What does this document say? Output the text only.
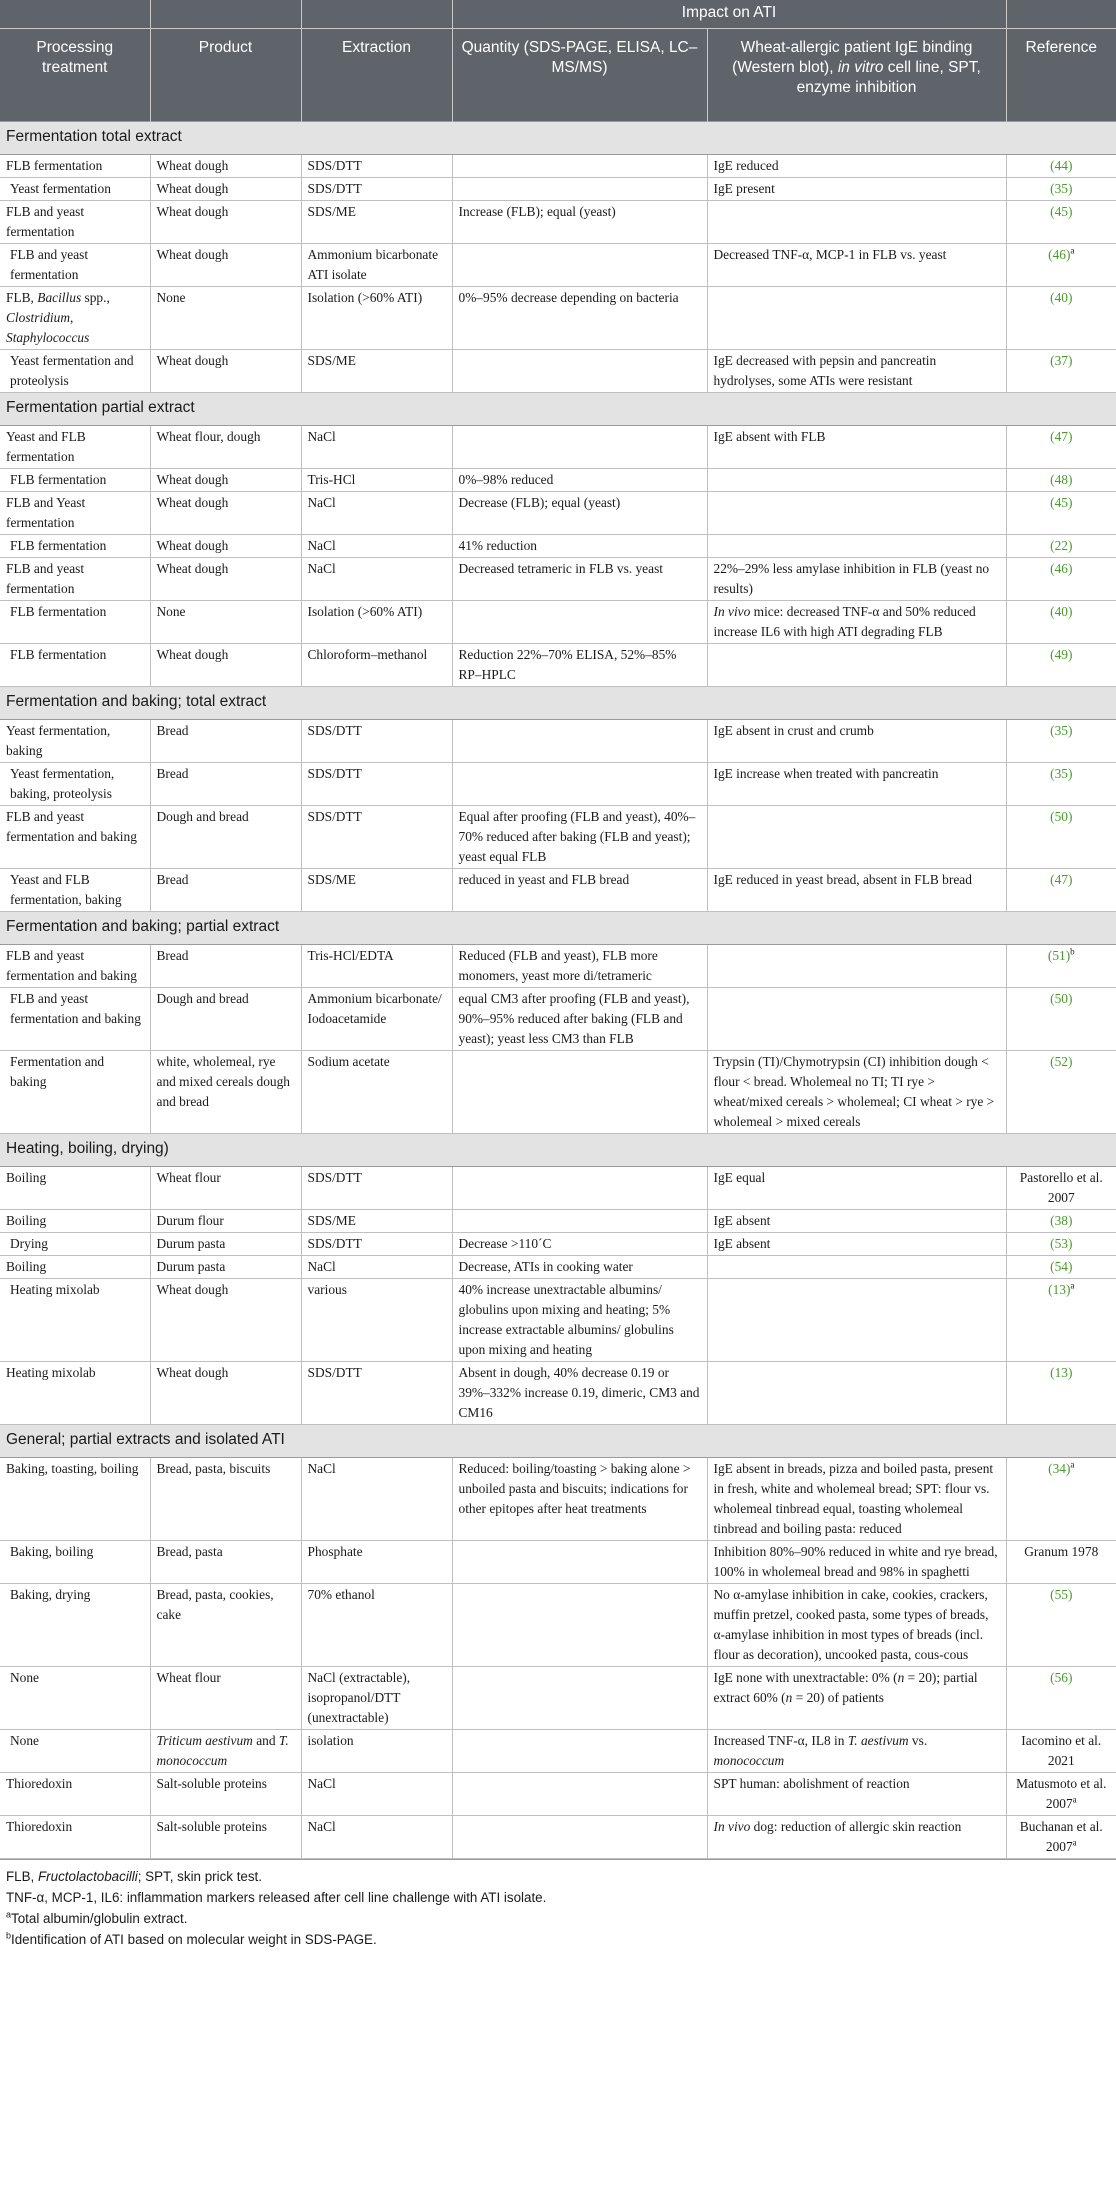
			Impact on ATI		
Processing treatment	Product	Extraction	Quantity (SDS-PAGE, ELISA, LC–MS/MS)	Wheat-allergic patient IgE binding (Western blot), in vitro cell line, SPT, enzyme inhibition	Reference
Fermentation total extract					
FLB fermentation	Wheat dough	SDS/DTT		IgE reduced	(44)
Yeast fermentation	Wheat dough	SDS/DTT		IgE present	(35)
FLB and yeast fermentation	Wheat dough	SDS/ME	Increase (FLB); equal (yeast)		(45)
FLB and yeast fermentation	Wheat dough	Ammonium bicarbonate ATI isolate		Decreased TNF-α, MCP-1 in FLB vs. yeast	$(46)^a$
FLB, Bacillus spp., Clostridium, Staphylococcus	None	Isolation (>60% ATI)	0%–95% decrease depending on bacteria		(40)
Yeast fermentation and proteolysis	Wheat dough	SDS/ME		IgE decreased with pepsin and pancreatin hydrolyses, some ATIs were resistant	(37)
Fermentation partial extract					
Yeast and FLB fermentation	Wheat flour, dough	NaCl		IgE absent with FLB	(47)
FLB fermentation	Wheat dough	Tris-HCl	0%–98% reduced		(48)
FLB and Yeast fermentation	Wheat dough	NaCl	Decrease (FLB); equal (yeast)		(45)
FLB fermentation	Wheat dough	NaCl	41% reduction		(22)
FLB and yeast fermentation	Wheat dough	NaCl	Decreased tetrameric in FLB vs. yeast	22%–29% less amylase inhibition in FLB (yeast no results)	(46)
FLB fermentation	None	Isolation (>60% ATI)		In vivo mice: decreased TNF-α and 50% reduced increase IL6 with high ATI degrading FLB	(40)
FLB fermentation	Wheat dough	Chloroform–methanol	Reduction 22%–70% ELISA, 52%–85% RP–HPLC		(49)
Fermentation and baking; total extract					
Yeast fermentation, baking	Bread	SDS/DTT		IgE absent in crust and crumb	(35)
Yeast fermentation, baking, proteolysis	Bread	SDS/DTT		IgE increase when treated with pancreatin	(35)
FLB and yeast fermentation and baking	Dough and bread	SDS/DTT	Equal after proofing (FLB and yeast), 40%–70% reduced after baking (FLB and yeast); yeast equal FLB		(50)
Yeast and FLB fermentation, baking	Bread	SDS/ME	reduced in yeast and FLB bread	IgE reduced in yeast bread, absent in FLB bread	(47)
Fermentation and baking; partial extract					
FLB and yeast fermentation and baking	Bread	Tris-HCl/EDTA	Reduced (FLB and yeast), FLB more monomers, yeast more di/tetrameric		$(51)^b$
FLB and yeast fermentation and baking	Dough and bread	Ammonium bicarbonate/ Iodoacetamide	equal CM3 after proofing (FLB and yeast), 90%–95% reduced after baking (FLB and yeast); yeast less CM3 than FLB		(50)
Fermentation and baking	white, wholemeal, rye and mixed cereals dough and bread	Sodium acetate		Trypsin (TI)/Chymotrypsin (CI) inhibition dough < flour < bread. Wholemeal no TI; TI rye > wheat/mixed cereals > wholemeal; CI wheat > rye > wholemeal > mixed cereals	(52)
Heating, boiling, drying)					
Boiling	Wheat flour	SDS/DTT		IgE equal	Pastorello et al. 2007
Boiling	Durum flour	SDS/ME		IgE absent	(38)
Drying	Durum pasta	SDS/DTT	Decrease >110´C	IgE absent	(53)
Boiling	Durum pasta	NaCl	Decrease, ATIs in cooking water		(54)
Heating mixolab	Wheat dough	various	40% increase unextractable albumins/ globulins upon mixing and heating; 5% increase extractable albumins/ globulins upon mixing and heating		$(13)^a$
Heating mixolab	Wheat dough	SDS/DTT	Absent in dough, 40% decrease 0.19 or 39%–332% increase 0.19, dimeric, CM3 and CM16		(13)
General; partial extracts and isolated ATI					
Baking, toasting, boiling	Bread, pasta, biscuits	NaCl	Reduced: boiling/toasting > baking alone > unboiled pasta and biscuits; indications for other epitopes after heat treatments	IgE absent in breads, pizza and boiled pasta, present in fresh, white and wholemeal bread; SPT: flour vs. wholemeal tinbread equal, toasting wholemeal tinbread and boiling pasta: reduced	$(34)^a$
Baking, boiling	Bread, pasta	Phosphate		Inhibition 80%–90% reduced in white and rye bread, 100% in wholemeal bread and 98% in spaghetti	Granum 1978
Baking, drying	Bread, pasta, cookies, cake	70% ethanol		No α-amylase inhibition in cake, cookies, crackers, muffin pretzel, cooked pasta, some types of breads, α-amylase inhibition in most types of breads (incl. flour as decoration), uncooked pasta, cous-cous	(55)
None	Wheat flour	NaCl (extractable), isopropanol/DTT (unextractable)		IgE none with unextractable: 0% (n = 20); partial extract 60% (n = 20) of patients	(56)
None	Triticum aestivum and T. monococcum	isolation		Increased TNF-α, IL8 in T. aestivum vs. monococcum	Iacomino et al. 2021
Thioredoxin	Salt-soluble proteins	NaCl		SPT human: abolishment of reaction	Matusmoto et al. 2007$^a$
Thioredoxin	Salt-soluble proteins	NaCl		In vivo dog: reduction of allergic skin reaction	Buchanan et al. 2007$^a$
FLB, Fructolactobacilli; SPT, skin prick test.
TNF-α, MCP-1, IL6: inflammation markers released after cell line challenge with ATI isolate.
$^a$Total albumin/globulin extract.
$^b$Identification of ATI based on molecular weight in SDS-PAGE.
